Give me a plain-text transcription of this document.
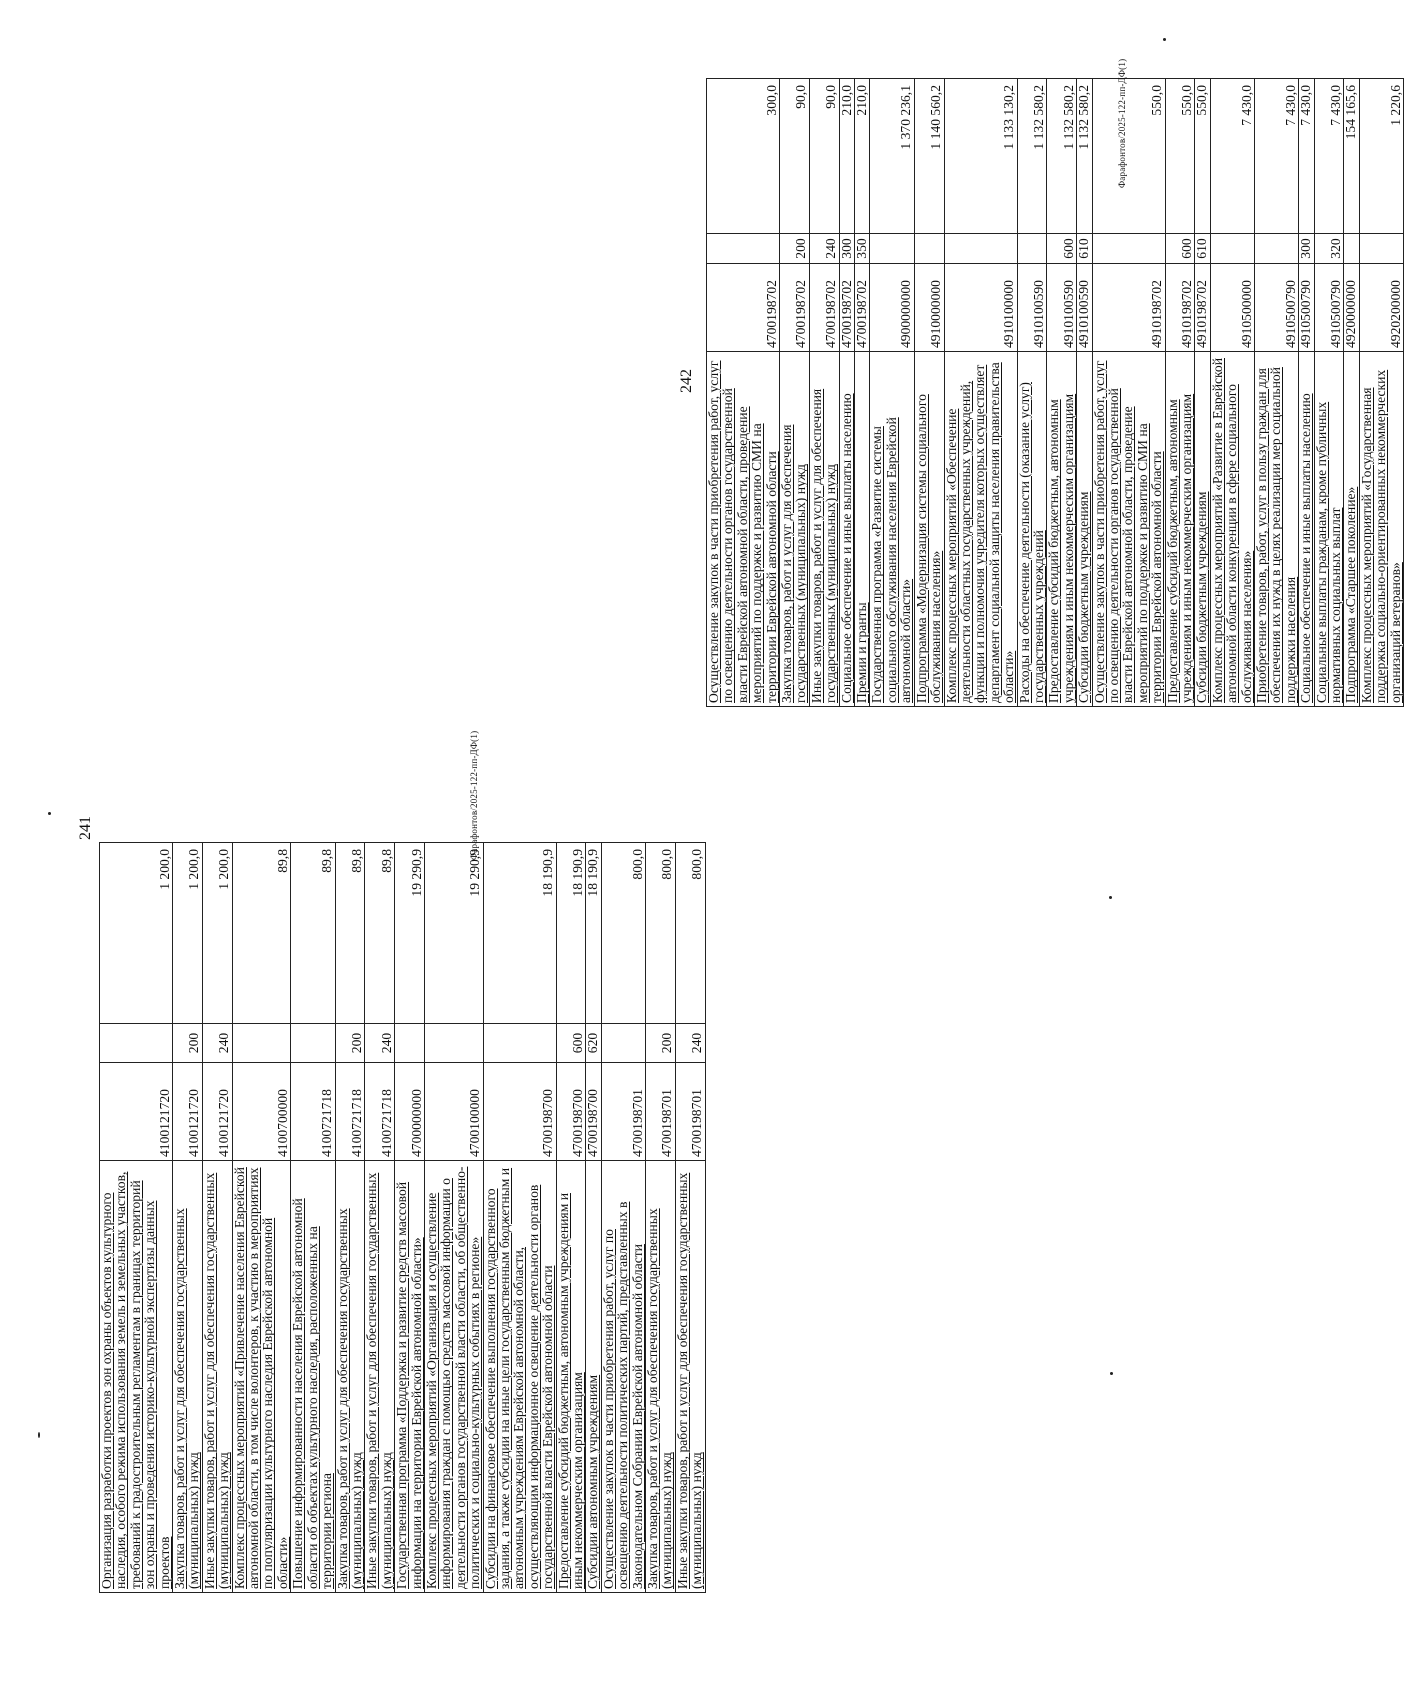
241
Организация разработки проектов зон охраны объектов культурного наследия, особого режима использования земель и земельных участков, требований к градостроительным регламентам в границах территорий зон охраны и проведения историко-культурной экспертизы данных проектов	4100121720		1 200,0
Закупка товаров, работ и услуг для обеспечения государственных (муниципальных) нужд	4100121720	200	1 200,0
Иные закупки товаров, работ и услуг для обеспечения государственных (муниципальных) нужд	4100121720	240	1 200,0
Комплекс процессных мероприятий «Привлечение населения Еврейской автономной области, в том числе волонтеров, к участию в мероприятиях по популяризации культурного наследия Еврейской автономной области»	4100700000		89,8
Повышение информированности населения Еврейской автономной области об объектах культурного наследия, расположенных на территории региона	4100721718		89,8
Закупка товаров, работ и услуг для обеспечения государственных (муниципальных) нужд	4100721718	200	89,8
Иные закупки товаров, работ и услуг для обеспечения государственных (муниципальных) нужд	4100721718	240	89,8
Государственная программа «Поддержка и развитие средств массовой информации на территории Еврейской автономной области»	4700000000		19 290,9
Комплекс процессных мероприятий «Организация и осуществление информирования граждан с помощью средств массовой информации о деятельности органов государственной власти области, об общественно-политических и социально-культурных событиях в регионе»	4700100000		19 290,9
Субсидии на финансовое обеспечение выполнения государственного задания, а также субсидии на иные цели государственным бюджетным и автономным учреждениям Еврейской автономной области, осуществляющим информационное освещение деятельности органов государственной власти Еврейской автономной области	4700198700		18 190,9
Предоставление субсидий бюджетным, автономным учреждениям и иным некоммерческим организациям	4700198700	600	18 190,9
Субсидии автономным учреждениям	4700198700	620	18 190,9
Осуществление закупок в части приобретения работ, услуг по освещению деятельности политических партий, представленных в Законодательном Собрании Еврейской автономной области	4700198701		800,0
Закупка товаров, работ и услуг для обеспечения государственных (муниципальных) нужд	4700198701	200	800,0
Иные закупки товаров, работ и услуг для обеспечения государственных (муниципальных) нужд	4700198701	240	800,0
Фарафонтов/2025-122-пп-ДФ(1)
242 Осуществление закупок в части приобретения работ, услуг по освещению деятельности органов государственной власти Еврейской автономной области, проведение мероприятий по поддержке и развитию СМИ на территории Еврейской автономной области	4700198702		300,0
Закупка товаров, работ и услуг для обеспечения государственных (муниципальных) нужд	4700198702	200	90,0
Иные закупки товаров, работ и услуг для обеспечения государственных (муниципальных) нужд	4700198702	240	90,0
Социальное обеспечение и иные выплаты населению	4700198702	300	210,0
Премии и гранты	4700198702	350	210,0
Государственная программа «Развитие системы социального обслуживания населения Еврейской автономной области»	4900000000		1 370 236,1
Подпрограмма «Модернизация системы социального обслуживания населения»	4910000000		1 140 560,2
Комплекс процессных мероприятий «Обеспечение деятельности областных государственных учреждений, функции и полномочия учредителя которых осуществляет департамент социальной защиты населения правительства области»	4910100000		1 133 130,2
Расходы на обеспечение деятельности (оказание услуг) государственных учреждений	4910100590		1 132 580,2
Предоставление субсидий бюджетным, автономным учреждениям и иным некоммерческим организациям	4910100590	600	1 132 580,2
Субсидии бюджетным учреждениям	4910100590	610	1 132 580,2
Осуществление закупок в части приобретения работ, услуг по освещению деятельности органов государственной власти Еврейской автономной области, проведение мероприятий по поддержке и развитию СМИ на территории Еврейской автономной области	4910198702		550,0
Предоставление субсидий бюджетным, автономным учреждениям и иным некоммерческим организациям	4910198702	600	550,0
Субсидии бюджетным учреждениям	4910198702	610	550,0
Комплекс процессных мероприятий «Развитие в Еврейской автономной области конкуренции в сфере социального обслуживания населения»	4910500000		7 430,0
Приобретение товаров, работ, услуг в пользу граждан для обеспечения их нужд в целях реализации мер социальной поддержки населения	4910500790		7 430,0
Социальное обеспечение и иные выплаты населению	4910500790	300	7 430,0
Социальные выплаты гражданам, кроме публичных нормативных социальных выплат	4910500790	320	7 430,0
Подпрограмма «Старшее поколение»	4920000000		154 165,6
Комплекс процессных мероприятий «Государственная поддержка социально-ориентированных некоммерческих организаций ветеранов»	4920200000		1 220,6
Фарафонтов/2025-122-пп-ДФ(1)
